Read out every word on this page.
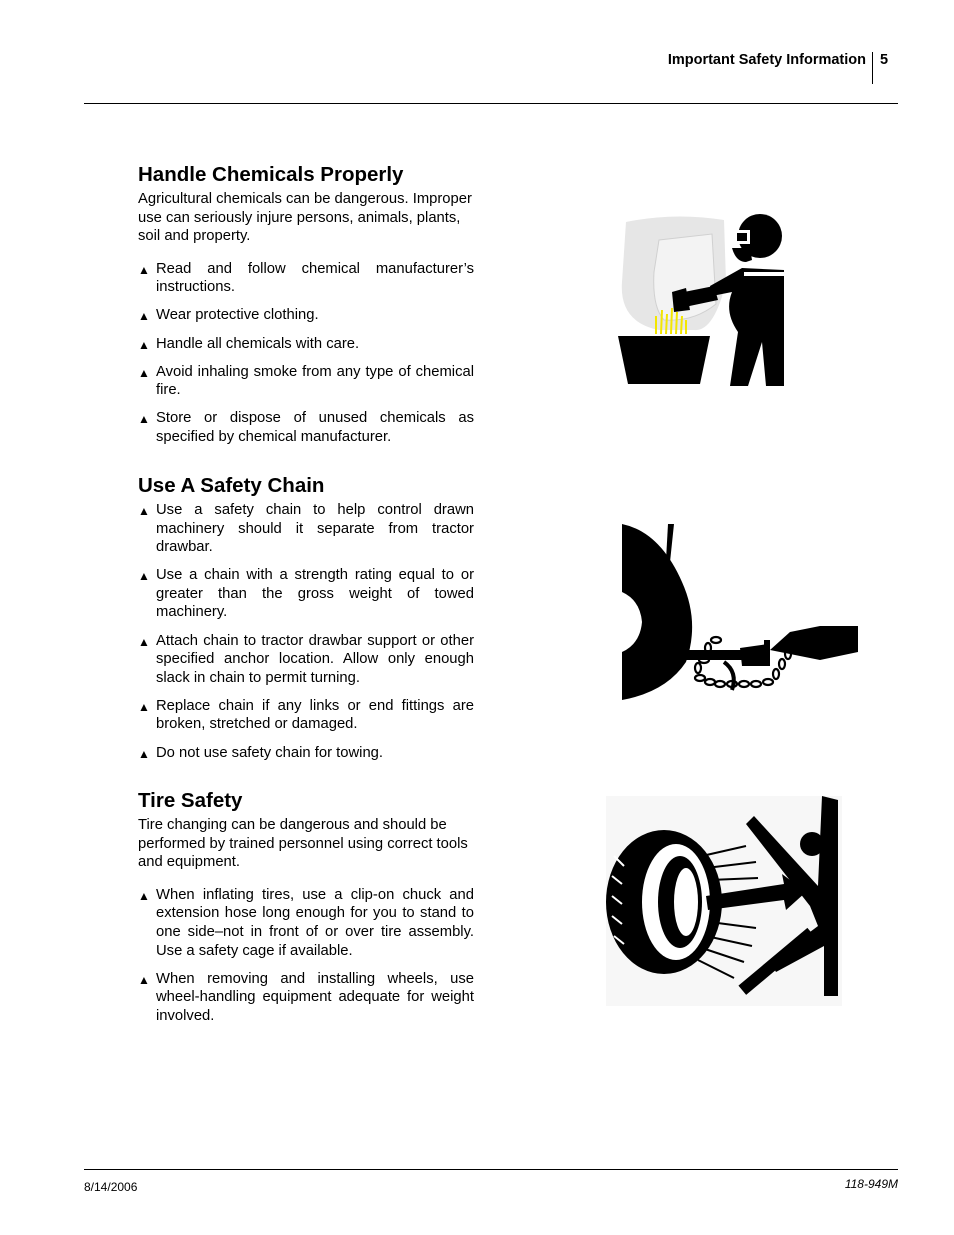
Important Safety Information 5
Handle Chemicals Properly

Agricultural chemicals can be dangerous. Improper use can seriously injure persons, animals, plants, soil and property.

▲ Read and follow chemical manufacturer’s instructions.
▲ Wear protective clothing.
▲ Handle all chemicals with care.
▲ Avoid inhaling smoke from any type of chemical fire.
▲ Store or dispose of unused chemicals as specified by chemical manufacturer.
Use A Safety Chain
▲ Use a safety chain to help control drawn machinery should it separate from tractor drawbar.
▲ Use a chain with a strength rating equal to or greater than the gross weight of towed machinery.
▲ Attach chain to tractor drawbar support or other specified anchor location. Allow only enough slack in chain to permit turning.
▲ Replace chain if any links or end fittings are broken, stretched or damaged.
▲ Do not use safety chain for towing.
Tire Safety

Tire changing can be dangerous and should be performed by trained personnel using correct tools and equipment.

▲ When inflating tires, use a clip-on chuck and extension hose long enough for you to stand to one side–not in front of or over tire assembly. Use a safety cage if available.
▲ When removing and installing wheels, use wheel-handling equipment adequate for weight involved.
8/14/2006	118-949M
